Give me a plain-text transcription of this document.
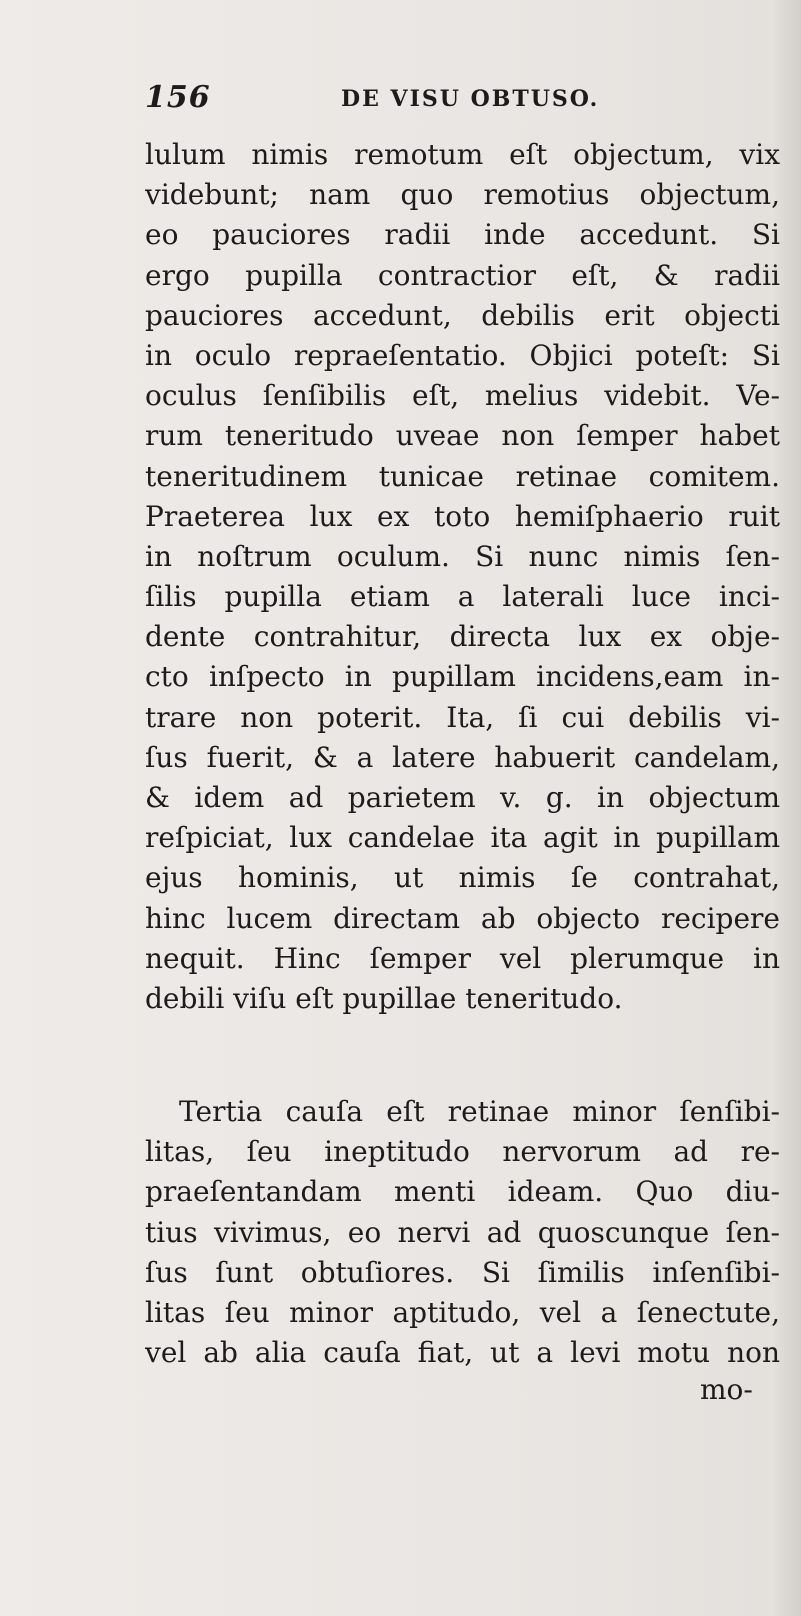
156	DE VISU OBTUSO.
lulum nimis remotum eſt objectum, vix
videbunt; nam quo remotius objectum,
eo pauciores radii inde accedunt. Si
ergo pupilla contractior eſt, & radii
pauciores accedunt, debilis erit objecti
in oculo repraeſentatio. Objici poteſt: Si
oculus ſenſibilis eſt, melius videbit. Ve-
rum teneritudo uveae non ſemper habet
teneritudinem tunicae retinae comitem.
Praeterea lux ex toto hemiſphaerio ruit
in noſtrum oculum. Si nunc nimis ſen-
ſilis pupilla etiam a laterali luce inci-
dente contrahitur, directa lux ex obje-
cto inſpecto in pupillam incidens,eam in-
trare non poterit. Ita, ſi cui debilis vi-
ſus fuerit, & a latere habuerit candelam,
& idem ad parietem v. g. in objectum
reſpiciat, lux candelae ita agit in pupillam
ejus hominis, ut nimis ſe contrahat,
hinc lucem directam ab objecto recipere
nequit. Hinc ſemper vel plerumque in
debili viſu eſt pupillae teneritudo.
Tertia cauſa eſt retinae minor ſenſibi-
litas, ſeu ineptitudo nervorum ad re-
praeſentandam menti ideam. Quo diu-
tius vivimus, eo nervi ad quoscunque ſen-
ſus ſunt obtuſiores. Si ſimilis inſenſibi-
litas ſeu minor aptitudo, vel a ſenectute,
vel ab alia cauſa fiat, ut a levi motu non
mo-
